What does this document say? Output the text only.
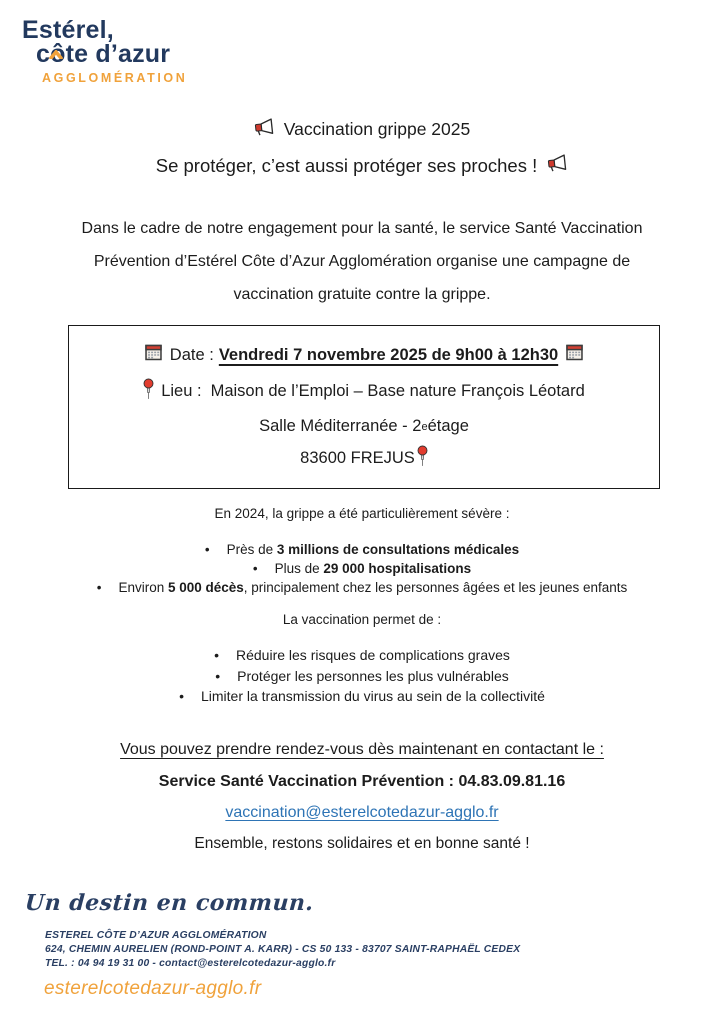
Estérel,
côte d’azur
AGGLOMÉRATION
Vaccination grippe 2025
Se protéger, c’est aussi protéger ses proches !

Dans le cadre de notre engagement pour la santé, le service Santé Vaccination Prévention d’Estérel Côte d’Azur Agglomération organise une campagne de vaccination gratuite contre la grippe.

Date : Vendredi 7 novembre 2025 de 9h00 à 12h30
Lieu : Maison de l’Emploi – Base nature François Léotard
Salle Méditerranée - 2 e étage
83600 FREJUS
En 2024, la grippe a été particulièrement sévère :
• Près de 3 millions de consultations médicales
• Plus de 29 000 hospitalisations
• Environ 5 000 décès, principalement chez les personnes âgées et les jeunes enfants
La vaccination permet de :
• Réduire les risques de complications graves
• Protéger les personnes les plus vulnérables
• Limiter la transmission du virus au sein de la collectivité
Vous pouvez prendre rendez-vous dès maintenant en contactant le :
Service Santé Vaccination Prévention : 04.83.09.81.16
vaccination@esterelcotedazur-agglo.fr
Ensemble, restons solidaires et en bonne santé !
Un destin en commun.
ESTEREL CÔTE D’AZUR AGGLOMÉRATION
624, CHEMIN AURELIEN (ROND-POINT A. KARR) - CS 50 133 - 83707 SAINT-RAPHAËL CEDEX
TEL. : 04 94 19 31 00 - contact@esterelcotedazur-agglo.fr
esterelcotedazur-agglo.fr
